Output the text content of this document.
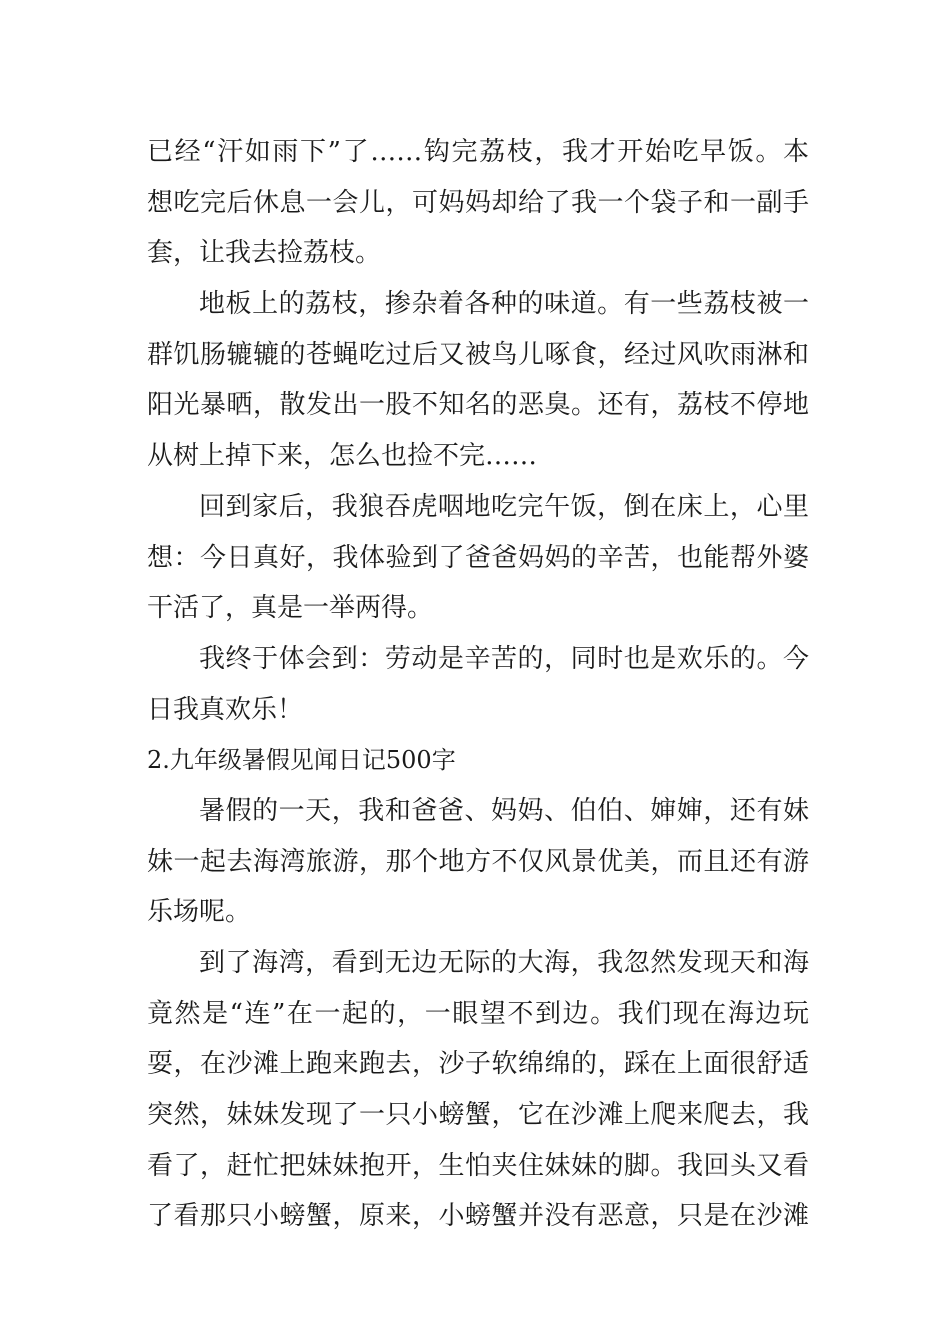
已经“汗如雨下”了……钩完荔枝，我才开始吃早饭。本
想吃完后休息一会儿，可妈妈却给了我一个袋子和一副手
套，让我去捡荔枝。
地板上的荔枝，掺杂着各种的味道。有一些荔枝被一
群饥肠辘辘的苍蝇吃过后又被鸟儿啄食，经过风吹雨淋和
阳光暴晒，散发出一股不知名的恶臭。还有，荔枝不停地
从树上掉下来，怎么也捡不完……
回到家后，我狼吞虎咽地吃完午饭，倒在床上，心里
想：今日真好，我体验到了爸爸妈妈的辛苦，也能帮外婆
干活了，真是一举两得。
我终于体会到：劳动是辛苦的，同时也是欢乐的。今
日我真欢乐！
2.九年级暑假见闻日记500字
暑假的一天，我和爸爸、妈妈、伯伯、婶婶，还有妹
妹一起去海湾旅游，那个地方不仅风景优美，而且还有游
乐场呢。
到了海湾，看到无边无际的大海，我忽然发现天和海
竟然是“连”在一起的，一眼望不到边。我们现在海边玩
耍，在沙滩上跑来跑去，沙子软绵绵的，踩在上面很舒适
突然，妹妹发现了一只小螃蟹，它在沙滩上爬来爬去，我
看了，赶忙把妹妹抱开，生怕夹住妹妹的脚。我回头又看
了看那只小螃蟹，原来，小螃蟹并没有恶意，只是在沙滩
